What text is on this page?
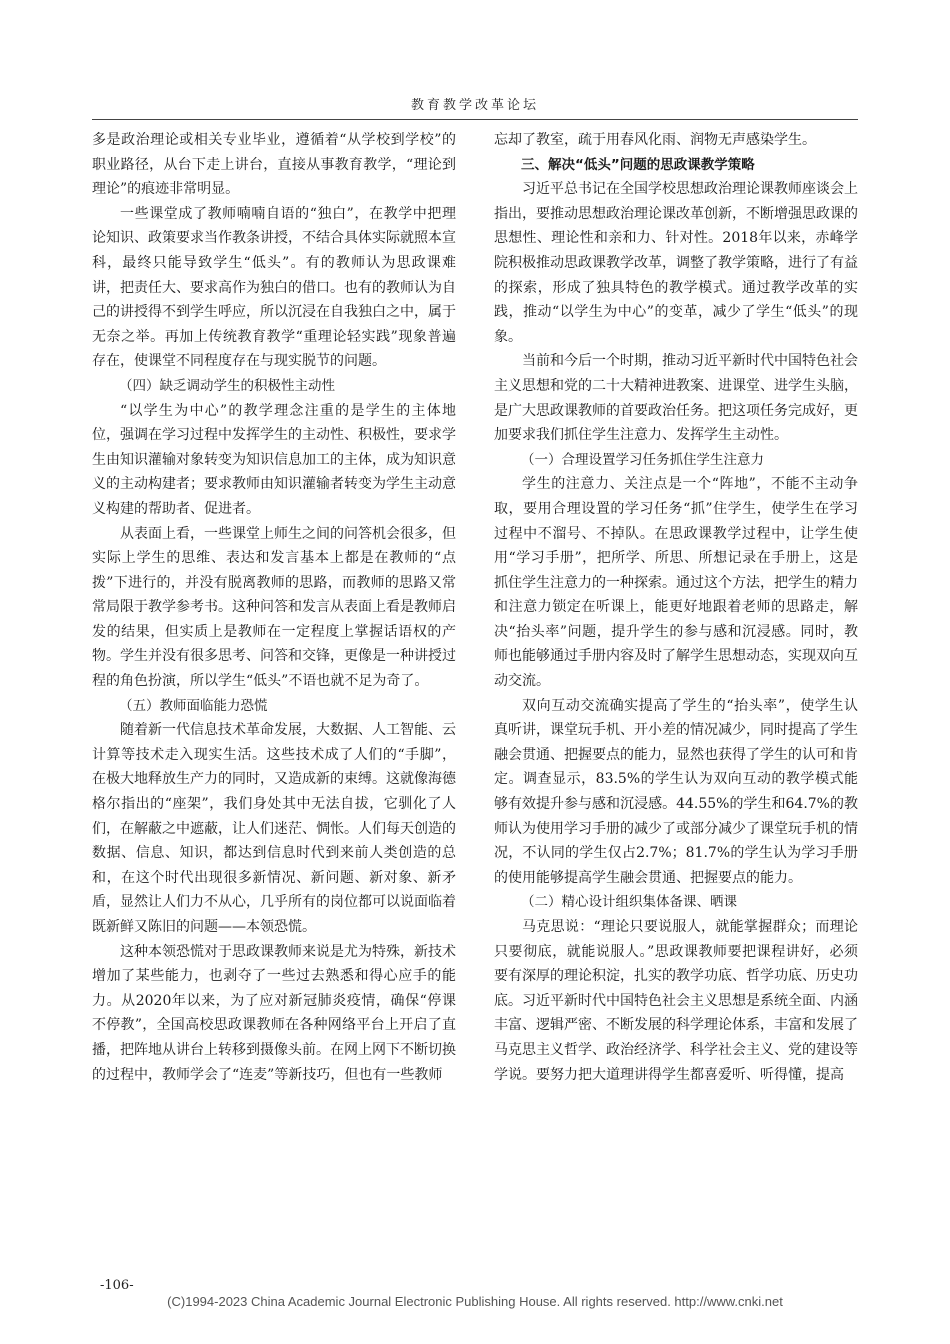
教育教学改革论坛

多是政治理论或相关专业毕业，遵循着“从学校到学校”的职业路径，从台下走上讲台，直接从事教育教学，“理论到理论”的痕迹非常明显。

一些课堂成了教师喃喃自语的“独白”，在教学中把理论知识、政策要求当作教条讲授，不结合具体实际就照本宣科，最终只能导致学生“低头”。有的教师认为思政课难讲，把责任大、要求高作为独白的借口。也有的教师认为自己的讲授得不到学生呼应，所以沉浸在自我独白之中，属于无奈之举。再加上传统教育教学“重理论轻实践”现象普遍存在，使课堂不同程度存在与现实脱节的问题。

（四）缺乏调动学生的积极性主动性

“以学生为中心”的教学理念注重的是学生的主体地位，强调在学习过程中发挥学生的主动性、积极性，要求学生由知识灌输对象转变为知识信息加工的主体，成为知识意义的主动构建者；要求教师由知识灌输者转变为学生主动意义构建的帮助者、促进者。

从表面上看，一些课堂上师生之间的问答机会很多，但实际上学生的思维、表达和发言基本上都是在教师的“点拨”下进行的，并没有脱离教师的思路，而教师的思路又常常局限于教学参考书。这种问答和发言从表面上看是教师启发的结果，但实质上是教师在一定程度上掌握话语权的产物。学生并没有很多思考、问答和交锋，更像是一种讲授过程的角色扮演，所以学生“低头”不语也就不足为奇了。

（五）教师面临能力恐慌

随着新一代信息技术革命发展，大数据、人工智能、云计算等技术走入现实生活。这些技术成了人们的“手脚”，在极大地释放生产力的同时，又造成新的束缚。这就像海德格尔指出的“座架”，我们身处其中无法自拔，它驯化了人们，在解蔽之中遮蔽，让人们迷茫、惆怅。人们每天创造的数据、信息、知识，都达到信息时代到来前人类创造的总和，在这个时代出现很多新情况、新问题、新对象、新矛盾，显然让人们力不从心，几乎所有的岗位都可以说面临着既新鲜又陈旧的问题——本领恐慌。

这种本领恐慌对于思政课教师来说是尤为特殊，新技术增加了某些能力，也剥夺了一些过去熟悉和得心应手的能力。从2020年以来，为了应对新冠肺炎疫情，确保“停课不停教”，全国高校思政课教师在各种网络平台上开启了直播，把阵地从讲台上转移到摄像头前。在网上网下不断切换的过程中，教师学会了“连麦”等新技巧，但也有一些教师

忘却了教室，疏于用春风化雨、润物无声感染学生。

三、解决“低头”问题的思政课教学策略

习近平总书记在全国学校思想政治理论课教师座谈会上指出，要推动思想政治理论课改革创新，不断增强思政课的思想性、理论性和亲和力、针对性。2018年以来，赤峰学院积极推动思政课教学改革，调整了教学策略，进行了有益的探索，形成了独具特色的教学模式。通过教学改革的实践，推动“以学生为中心”的变革，减少了学生“低头”的现象。

当前和今后一个时期，推动习近平新时代中国特色社会主义思想和党的二十大精神进教案、进课堂、进学生头脑，是广大思政课教师的首要政治任务。把这项任务完成好，更加要求我们抓住学生注意力、发挥学生主动性。

（一）合理设置学习任务抓住学生注意力

学生的注意力、关注点是一个“阵地”，不能不主动争取，要用合理设置的学习任务“抓”住学生，使学生在学习过程中不溜号、不掉队。在思政课教学过程中，让学生使用“学习手册”，把所学、所思、所想记录在手册上，这是抓住学生注意力的一种探索。通过这个方法，把学生的精力和注意力锁定在听课上，能更好地跟着老师的思路走，解决“抬头率”问题，提升学生的参与感和沉浸感。同时，教师也能够通过手册内容及时了解学生思想动态，实现双向互动交流。

双向互动交流确实提高了学生的“抬头率”，使学生认真听讲，课堂玩手机、开小差的情况减少，同时提高了学生融会贯通、把握要点的能力，显然也获得了学生的认可和肯定。调查显示，83.5%的学生认为双向互动的教学模式能够有效提升参与感和沉浸感。44.55%的学生和64.7%的教师认为使用学习手册的减少了或部分减少了课堂玩手机的情况，不认同的学生仅占2.7%；81.7%的学生认为学习手册的使用能够提高学生融会贯通、把握要点的能力。

（二）精心设计组织集体备课、晒课

马克思说：“理论只要说服人，就能掌握群众；而理论只要彻底，就能说服人。”思政课教师要把课程讲好，必须要有深厚的理论积淀，扎实的教学功底、哲学功底、历史功底。习近平新时代中国特色社会主义思想是系统全面、内涵丰富、逻辑严密、不断发展的科学理论体系，丰富和发展了马克思主义哲学、政治经济学、科学社会主义、党的建设等学说。要努力把大道理讲得学生都喜爱听、听得懂，提高

-106-
(C)1994-2023 China Academic Journal Electronic Publishing House. All rights reserved. http://www.cnki.net
